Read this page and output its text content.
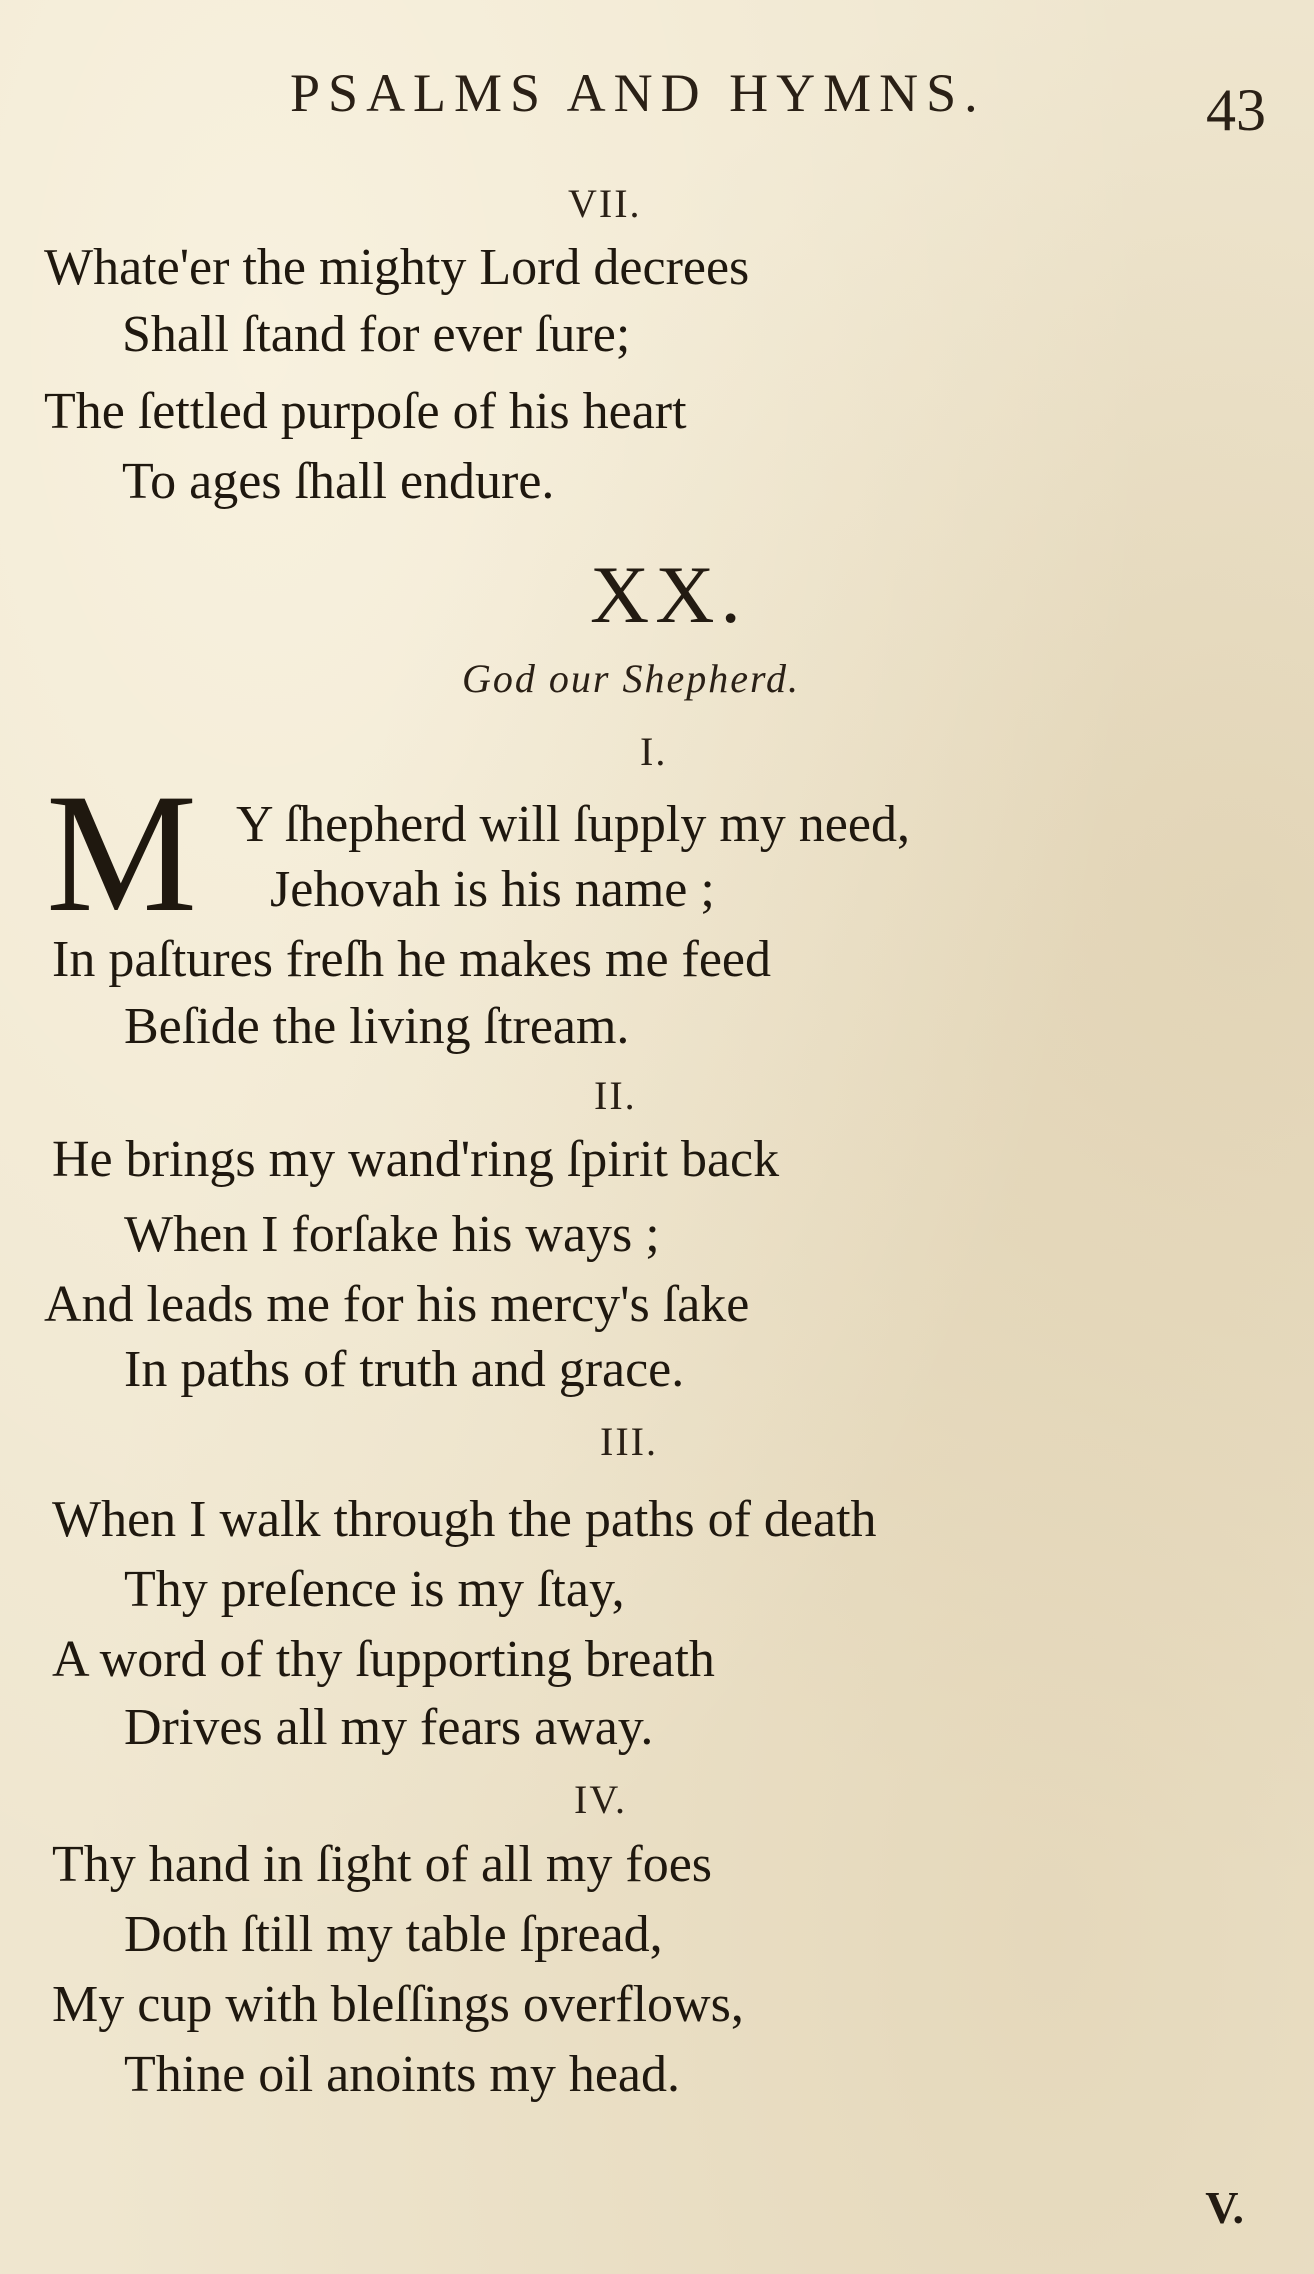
PSALMS AND HYMNS.	43
VII.
Whate'er the mighty Lord decrees
Shall ſtand for ever ſure;
The ſettled purpoſe of his heart
To ages ſhall endure.
XX.
God our Shepherd.
I.
M Y ſhepherd will ſupply my need,
Jehovah is his name ;
In paſtures freſh he makes me feed
Beſide the living ſtream.
II.
He brings my wand'ring ſpirit back
When I forſake his ways ;
And leads me for his mercy's ſake
In paths of truth and grace.
III.
When I walk through the paths of death
Thy preſence is my ſtay,
A word of thy ſupporting breath
Drives all my fears away.
IV.
Thy hand in ſight of all my foes
Doth ſtill my table ſpread,
My cup with bleſſings overflows,
Thine oil anoints my head.
V.
